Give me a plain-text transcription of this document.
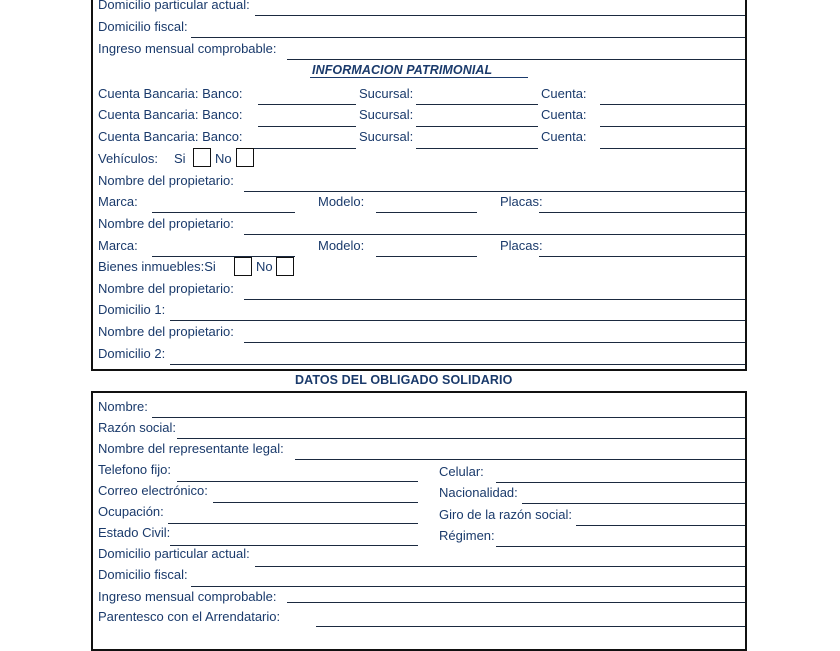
Domicilio particular actual:
Domicilio fiscal:
Ingreso mensual comprobable:
INFORMACION PATRIMONIAL
Cuenta Bancaria: Banco:	Sucursal:	Cuenta:
Cuenta Bancaria: Banco:	Sucursal:	Cuenta:
Cuenta Bancaria: Banco:	Sucursal:	Cuenta:
Vehículos: Si No
Nombre del propietario:
Marca:	Modelo:	Placas:
Nombre del propietario:
Marca:	Modelo:	Placas:
Bienes inmuebles:Si	No
Nombre del propietario:
Domicilio 1:
Nombre del propietario:
Domicilio 2:
DATOS DEL OBLIGADO SOLIDARIO
Nombre:
Razón social:
Nombre del representante legal:
Telefono fijo:	Celular:
Correo electrónico:	Nacionalidad:
Ocupación:	Giro de la razón social:
Estado Civil:	Régimen:
Domicilio particular actual:
Domicilio fiscal:
Ingreso mensual comprobable:
Parentesco con el Arrendatario:
